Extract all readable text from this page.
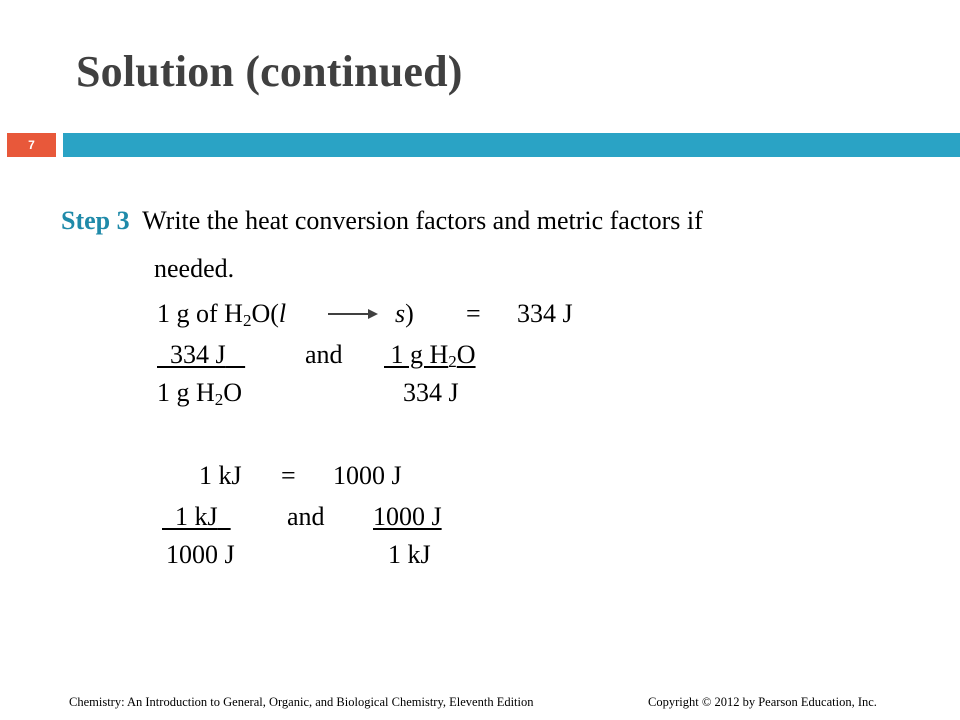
Solution (continued)
7
Step 3 Write the heat conversion factors and metric factors if
needed.
1 g of $H_2O(l$	s) = 334 J
334 J	and 1 g $H_2O$
1 g $H_2O$	334 J
1 kJ = 1000 J
1 kJ	and 1000 J
1000 J	1 kJ
Chemistry: An Introduction to General, Organic, and Biological Chemistry, Eleventh Edition	Copyright © 2012 by Pearson Education, Inc.
